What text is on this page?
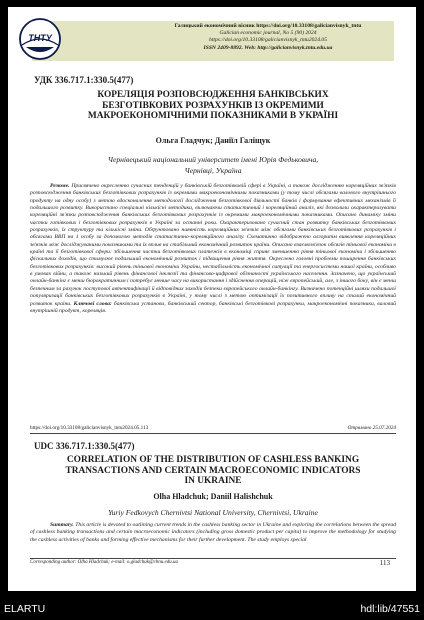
ТНТУ
Галицький економічний вісник https://doi.org/10.33108/galicianvisnyk_tntu
Galician economic journal, No 5 (90) 2024
https://doi.org/10.33108/galicianvisnyk_tntu2024.05
ISSN 2409-8892. Web: http://galicianvisnyk.tntu.edu.ua
УДК 336.717.1:330.5(477)
КОРЕЛЯЦІЯ РОЗПОВСЮДЖЕННЯ БАНКІВСЬКИХ
БЕЗГОТІВКОВИХ РОЗРАХУНКІВ ІЗ ОКРЕМИМИ
МАКРОЕКОНОМІЧНИМИ ПОКАЗНИКАМИ В УКРАЇНІ
Ольга Гладчук; Даніїл Галіщук
Чернівецький національний університет імені Юрія Федьковича,
Чернівці, Україна
Резюме. Присвячено окресленню сучасних тенденцій у банківській безготівковій сфері в Україні, а також дослідженню кореляційних зв'язків розповсюдження банківських безготівкових розрахунків із окремими макроекономічними показниками (у тому числі обсягами валового внутрішнього продукту на одну особу) з метою вдосконалення методології дослідження безготівкової діяльності банків і формування ефективних механізмів її подальшого розвитку. Використано спеціальні кількісні методики, включаючи статистичний і кореляційний аналіз, які дозволили охарактеризувати кореляційні зв'язки розповсюдження банківських безготівкових розрахунків із окремими макроекономічними показниками. Описано динаміку зміни частки готівкових і безготівкових розрахунків в Україні за останні роки. Охарактеризовано сучасний стан розвитку банківських безготівкових розрахунків, їх структуру та кількісні зміни. Обґрунтовано наявність кореляційних зв'язків між обсягами банківських безготівкових розрахунків і обсягами ВВП на 1 особу за допомогою методів статистично-кореляційного аналізу. Схематично відображено алгоритм виявлення кореляційних зв'язків між досліджуваними показниками та їх вплив на стабільний економічний розвиток країни. Описано взаємозв'язок обсягів тіньової економіки в країні та її безготівкової сфери: збільшення частки безготівкових платежів в економіці сприяє зменшенню рівня тіньової економіки і збільшенню фіскальних доходів, що стимулює подальший економічний розвиток і підвищення рівня життя. Окреслено головні проблеми поширення банківських безготівкових розрахунків: високий рівень тіньової економіки України, нестабільність економічної ситуації та енергосистеми нашої країни, особливо в умовах війни, а також низький рівень фінансової інклюзії та фінансово-цифрової обізнаності українського населення. Зазначено, що український онлайн-банкінг є менш бюрократичним і потребує менше часу на використання і здійснення операцій, ніж європейський, але, з іншого боку, він є менш безпечним за рахунок поступової автентифікації й відповідних заходів безпеки європейського онлайн-банкінгу. Визначено потенційні шляхи подальшої популяризації банківських безготівкових розрахунків в Україні, у тому числі з метою оптимізації їх позитивного впливу на сталий економічний розвиток країни. Ключові слова: банківська установа, банківський сектор, банківські безготівкові розрахунки, макроекономічні показники, валовий внутрішній продукт, кореляція.
https://doi.org/10.33108/galicianvisnyk_tntu2024.05.113	Отримано 25.07.2024
UDC 336.717.1:330.5(477)
CORRELATION OF THE DISTRIBUTION OF CASHLESS BANKING
TRANSACTIONS AND CERTAIN MACROECONOMIC INDICATORS
IN UKRAINE
Olha Hladchuk; Daniil Halishchuk
Yuriy Fedkovych Chernivtsi National University, Chernivtsi, Ukraine
Summary. This article is devoted to outlining current trends in the cashless banking sector in Ukraine and exploring the correlations between the spread of cashless banking transactions and certain macroeconomic indicators (including gross domestic product per capita) to improve the methodology for studying the cashless activities of banks and forming effective mechanisms for their further development. The study employs special
Corresponding author: Olha Hladchuk; e-mail: o.gladchuk@chnu.edu.ua	113
ELARTU	hdl:lib/47551
